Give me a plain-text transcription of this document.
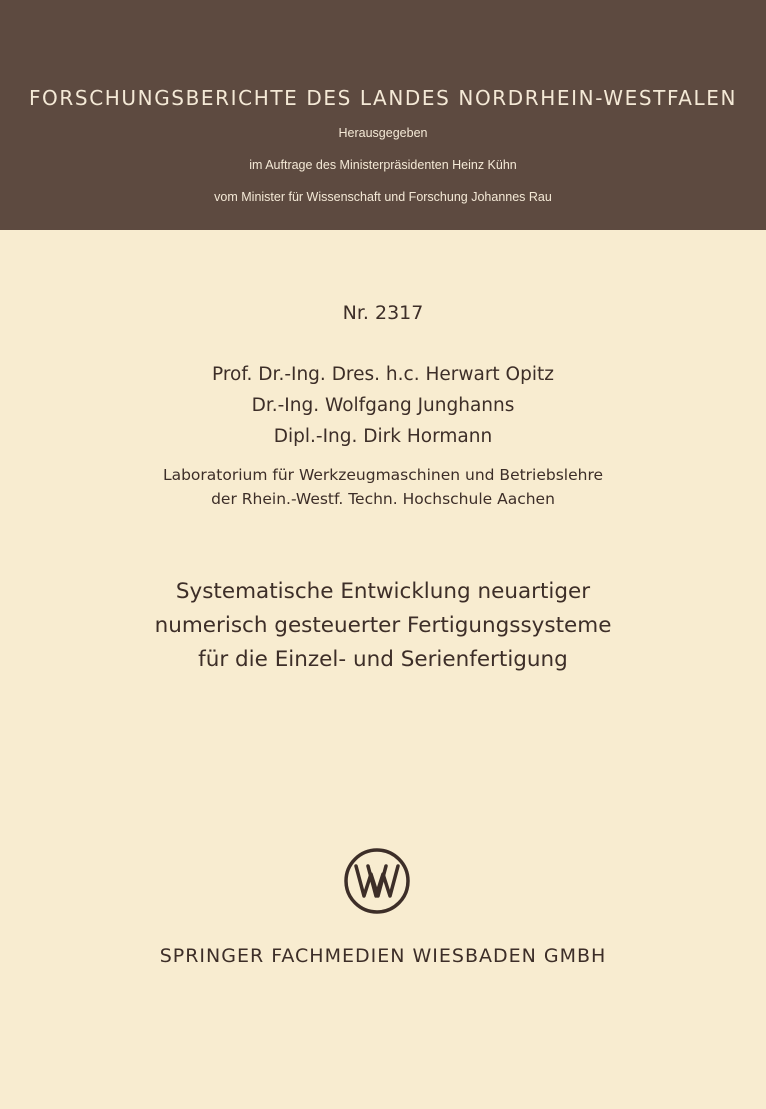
FORSCHUNGSBERICHTE DES LANDES NORDRHEIN-WESTFALEN
Herausgegeben
im Auftrage des Ministerpräsidenten Heinz Kühn
vom Minister für Wissenschaft und Forschung Johannes Rau
Nr. 2317
Prof. Dr.-Ing. Dres. h.c. Herwart Opitz
Dr.-Ing. Wolfgang Junghanns
Dipl.-Ing. Dirk Hormann
Laboratorium für Werkzeugmaschinen und Betriebslehre
der Rhein.-Westf. Techn. Hochschule Aachen
Systematische Entwicklung neuartiger
numerisch gesteuerter Fertigungssysteme
für die Einzel- und Serienfertigung
SPRINGER FACHMEDIEN WIESBADEN GMBH
